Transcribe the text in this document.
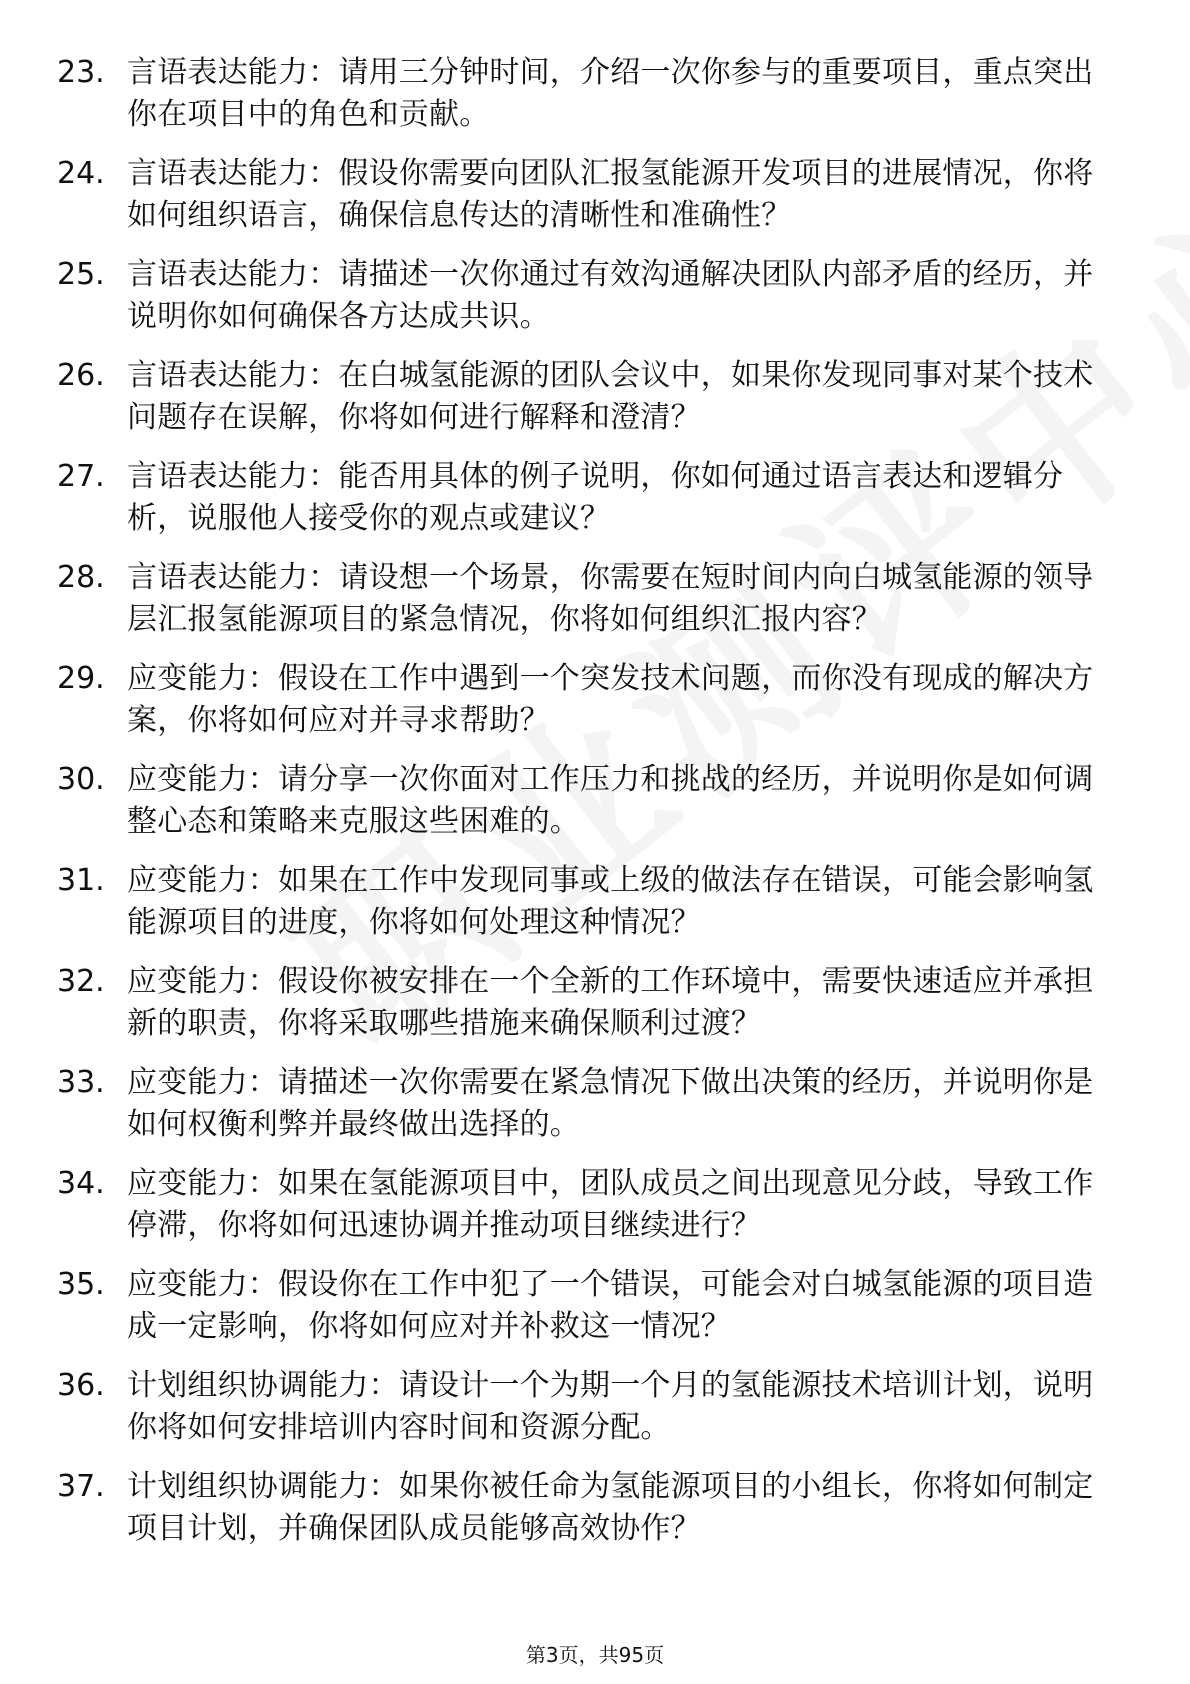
23. 言语表达能力：请用三分钟时间，介绍一次你参与的重要项目，重点突出你在项目中的角色和贡献。
24. 言语表达能力：假设你需要向团队汇报氢能源开发项目的进展情况，你将如何组织语言，确保信息传达的清晰性和准确性？
25. 言语表达能力：请描述一次你通过有效沟通解决团队内部矛盾的经历，并说明你如何确保各方达成共识。
26. 言语表达能力：在白城氢能源的团队会议中，如果你发现同事对某个技术问题存在误解，你将如何进行解释和澄清？
27. 言语表达能力：能否用具体的例子说明，你如何通过语言表达和逻辑分析，说服他人接受你的观点或建议？
28. 言语表达能力：请设想一个场景，你需要在短时间内向白城氢能源的领导层汇报氢能源项目的紧急情况，你将如何组织汇报内容？
29. 应变能力：假设在工作中遇到一个突发技术问题，而你没有现成的解决方案，你将如何应对并寻求帮助？
30. 应变能力：请分享一次你面对工作压力和挑战的经历，并说明你是如何调整心态和策略来克服这些困难的。
31. 应变能力：如果在工作中发现同事或上级的做法存在错误，可能会影响氢能源项目的进度，你将如何处理这种情况？
32. 应变能力：假设你被安排在一个全新的工作环境中，需要快速适应并承担新的职责，你将采取哪些措施来确保顺利过渡？
33. 应变能力：请描述一次你需要在紧急情况下做出决策的经历，并说明你是如何权衡利弊并最终做出选择的。
34. 应变能力：如果在氢能源项目中，团队成员之间出现意见分歧，导致工作停滞，你将如何迅速协调并推动项目继续进行？
35. 应变能力：假设你在工作中犯了一个错误，可能会对白城氢能源的项目造成一定影响，你将如何应对并补救这一情况？
36. 计划组织协调能力：请设计一个为期一个月的氢能源技术培训计划，说明你将如何安排培训内容时间和资源分配。
37. 计划组织协调能力：如果你被任命为氢能源项目的小组长，你将如何制定项目计划，并确保团队成员能够高效协作？
第3页，共95页
